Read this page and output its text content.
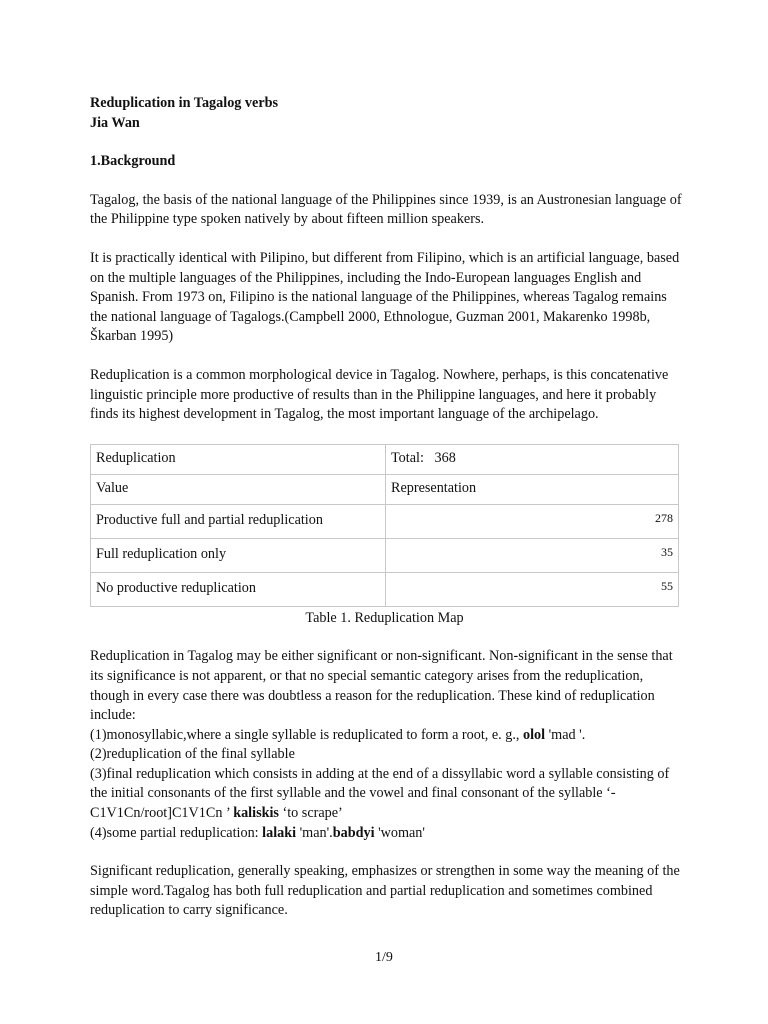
Reduplication in Tagalog verbs

Jia Wan

1.Background

Tagalog, the basis of the national language of the Philippines since 1939, is an Austronesian language of the Philippine type spoken natively by about fifteen million speakers.

It is practically identical with Pilipino, but different from Filipino, which is an artificial language, based on the multiple languages of the Philippines, including the Indo-European languages English and Spanish. From 1973 on, Filipino is the national language of the Philippines, whereas Tagalog remains the national language of Tagalogs.(Campbell 2000, Ethnologue, Guzman 2001, Makarenko 1998b, Škarban 1995)

Reduplication is a common morphological device in Tagalog. Nowhere, perhaps, is this concatenative linguistic principle more productive of results than in the Philippine languages, and here it probably finds its highest development in Tagalog, the most important language of the archipelago.

Reduplication	Total:   368
Value	Representation
Productive full and partial reduplication	278
Full reduplication only	35
No productive reduplication	55

Table 1. Reduplication Map

Reduplication in Tagalog may be either significant or non-significant. Non-significant in the sense that its significance is not apparent, or that no special semantic category arises from the reduplication, though in every case there was doubtless a reason for the reduplication. These kind of reduplication include:

(1)monosyllabic,where a single syllable is reduplicated to form a root, e. g., olol 'mad '.

(2)reduplication of the final syllable

(3)final reduplication which consists in adding at the end of a dissyllabic word a syllable consisting of the initial consonants of the first syllable and the vowel and final consonant of the syllable ‘-C1V1Cn/root]C1V1Cn ’ kaliskis ‘to scrape’

(4)some partial reduplication: lalaki 'man'.babdyi 'woman'

Significant reduplication, generally speaking, emphasizes or strengthen in some way the meaning of the simple word.Tagalog has both full reduplication and partial reduplication and sometimes combined reduplication to carry significance.

1/9
